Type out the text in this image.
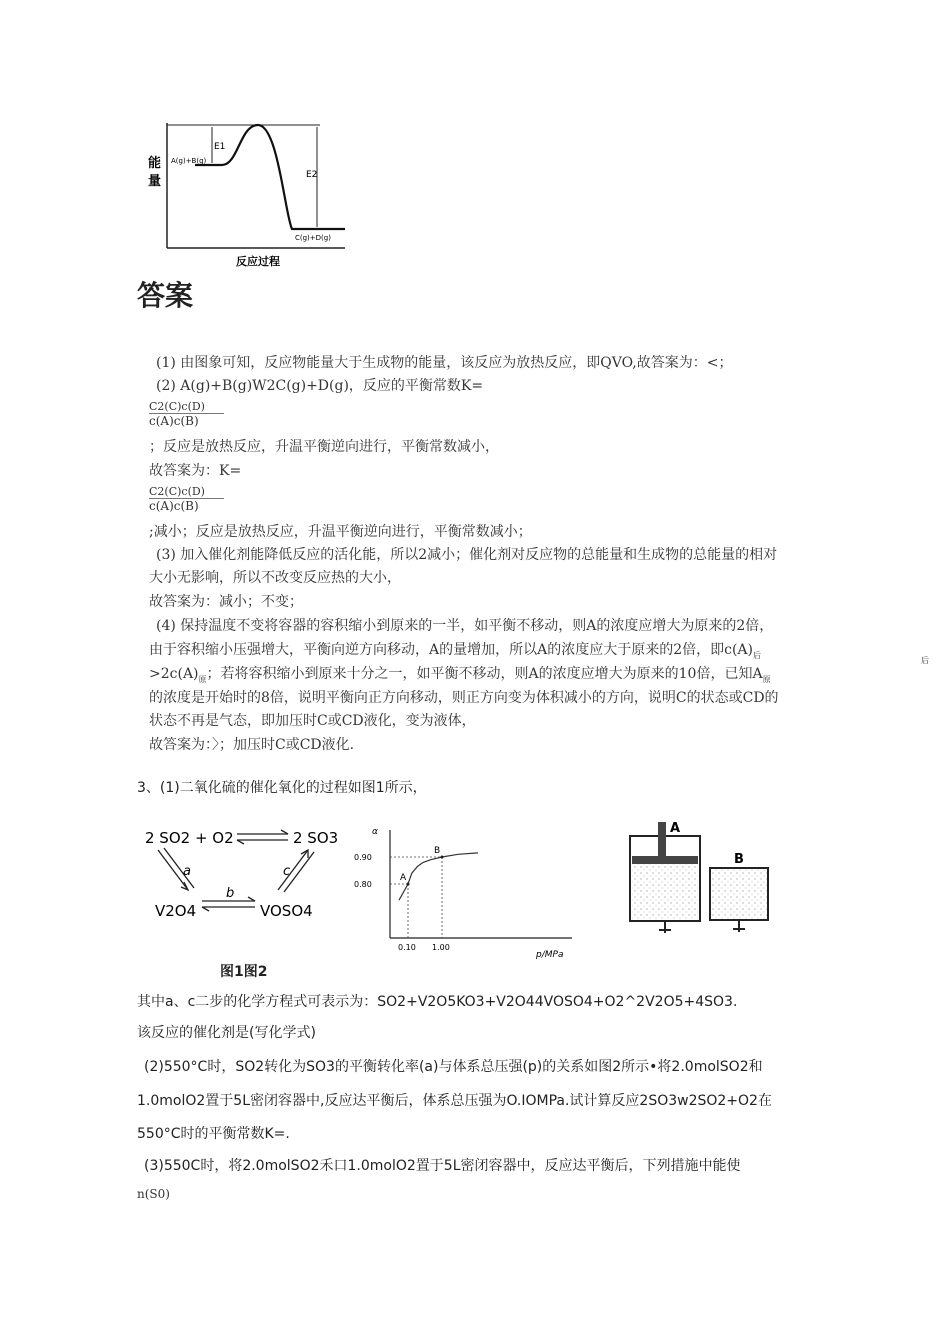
E1
E2
A(g)+B(g)
C(g)+D(g)
能
量
反应过程
答案
(1) 由图象可知，反应物能量大于生成物的能量，该反应为放热反应，即QVO,故答案为：<；
(2) A(g)+B(g)W2C(g)+D(g)，反应的平衡常数K=
$\frac{C2(C)c(D)}{c(A)c(B)}$
；反应是放热反应，升温平衡逆向进行，平衡常数减小，
故答案为：K=
$\frac{C2(C)c(D)}{c(A)c(B)}$
;减小；反应是放热反应，升温平衡逆向进行，平衡常数减小；
(3) 加入催化剂能降低反应的活化能，所以2减小；催化剂对反应物的总能量和生成物的总能量的相对
大小无影响，所以不改变反应热的大小，
故答案为：减小；不变；
(4) 保持温度不变将容器的容积缩小到原来的一半，如平衡不移动，则A的浓度应增大为原来的2倍，
由于容积缩小压强增大，平衡向逆方向移动，A的量增加，所以A的浓度应大于原来的2倍，即$c(A)_后$
$>2c(A)_原$；若将容积缩小到原来十分之一，如平衡不移动，则A的浓度应增大为原来的10倍，已知$A_原$
后
的浓度是开始时的8倍，说明平衡向正方向移动，则正方向变为体积减小的方向，说明C的状态或CD的
状态不再是气态，即加压时C或CD液化，变为液体，
故答案为：〉；加压时C或CD液化.
3、(1)二氧化硫的催化氧化的过程如图1所示，
2 SO2 + O2	2 SO3
V2O4	VOSO4
a
b
c
α
p/MPa
A
B
0.80
0.90
0.10 1.00
A
B
图1图2
其中a、c二步的化学方程式可表示为：SO2+V2O5KO3+V2O44VOSO4+O2^2V2O5+4SO3.
该反应的催化剂是(写化学式)
(2)550°C时，SO2转化为SO3的平衡转化率(a)与体系总压强(p)的关系如图2所示•将2.0molSO2和
1.0molO2置于5L密闭容器中,反应达平衡后，体系总压强为O.IOMPa.试计算反应2SO3w2SO2+O2在
550°C时的平衡常数K=.
(3)550C时，将2.0molSO2禾口1.0molO2置于5L密闭容器中，反应达平衡后，下列措施中能使
n(S0)
